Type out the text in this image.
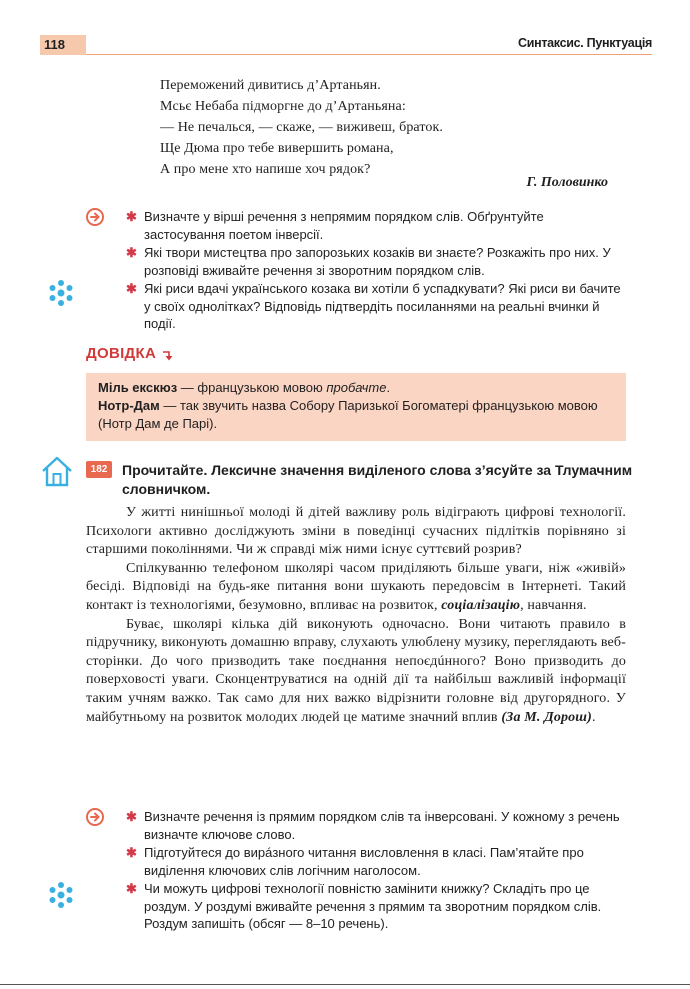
118	Синтаксис. Пунктуація
Переможений дивитись д’Артаньян.
Мсьє Небаба підморгне до д’Артаньяна:
— Не печалься, — скаже, — виживеш, браток.
Ще Дюма про тебе вивершить романа,
А про мене хто напише хоч рядок?
Г. Половинко
✱ Визначте у вірші речення з непрямим порядком слів. Обґрунтуйте застосування поетом інверсії.
✱ Які твори мистецтва про запорозьких козаків ви знаєте? Розкажіть про них. У розповіді вживайте речення зі зворотним порядком слів.
✱ Які риси вдачі українського козака ви хотіли б успадкувати? Які риси ви бачите у своїх однолітках? Відповідь підтвердіть посиланнями на реальні вчинки й події.
ДОВІДКА
Міль екскюз — французькою мовою пробачте.
Нотр-Дам — так звучить назва Собору Паризької Богоматері французькою мовою (Нотр Дам де Парі).
182	Прочитайте. Лексичне значення виділеного слова з’ясуйте за Тлумачним словничком.

У житті нинішньої молоді й дітей важливу роль відіграють цифрові технології. Психологи активно досліджують зміни в поведінці сучасних підлітків порівняно зі старшими поколіннями. Чи ж справді між ними існує суттєвий розрив?

Спілкуванню телефоном школярі часом приділяють більше уваги, ніж «живій» бесіді. Відповіді на будь-яке питання вони шукають передовсім в Інтернеті. Такий контакт із технологіями, безумовно, впливає на розвиток, соціалізацію, навчання.

Буває, школярі кілька дій виконують одночасно. Вони читають правило в підручнику, виконують домашню вправу, слухають улюблену музику, переглядають веб-сторінки. До чого призводить таке поєднання непоєдúнного? Воно призводить до поверховості уваги. Сконцентруватися на одній дії та найбільш важливій інформації таким учням важко. Так само для них важко відрізнити головне від другорядного. У майбутньому на розвиток молодих людей це матиме значний вплив (За М. Дорош).

✱ Визначте речення із прямим порядком слів та інверсовані. У кожному з речень визначте ключове слово.
✱ Підготуйтеся до вирáзного читання висловлення в класі. Пам’ятайте про виділення ключових слів логічним наголосом.
✱ Чи можуть цифрові технології повністю замінити книжку? Складіть про це роздум. У роздумі вживайте речення з прямим та зворотним порядком слів. Роздум запишіть (обсяг — 8–10 речень).
